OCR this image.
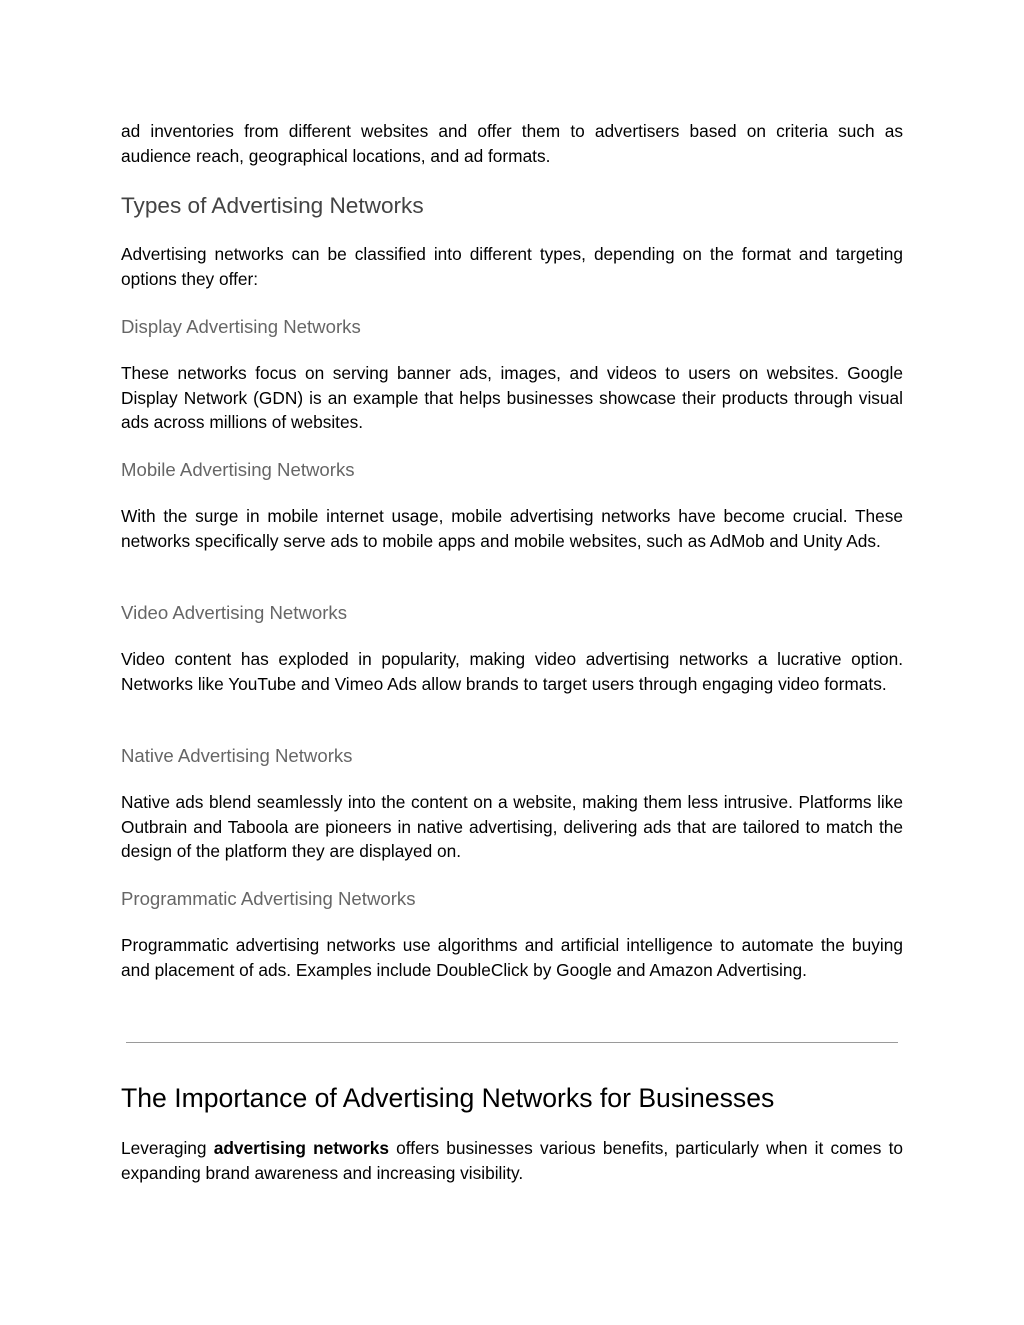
ad inventories from different websites and offer them to advertisers based on criteria such as audience reach, geographical locations, and ad formats.

Types of Advertising Networks

Advertising networks can be classified into different types, depending on the format and targeting options they offer:

Display Advertising Networks

These networks focus on serving banner ads, images, and videos to users on websites. Google Display Network (GDN) is an example that helps businesses showcase their products through visual ads across millions of websites.

Mobile Advertising Networks

With the surge in mobile internet usage, mobile advertising networks have become crucial. These networks specifically serve ads to mobile apps and mobile websites, such as AdMob and Unity Ads.

Video Advertising Networks

Video content has exploded in popularity, making video advertising networks a lucrative option. Networks like YouTube and Vimeo Ads allow brands to target users through engaging video formats.

Native Advertising Networks

Native ads blend seamlessly into the content on a website, making them less intrusive. Platforms like Outbrain and Taboola are pioneers in native advertising, delivering ads that are tailored to match the design of the platform they are displayed on.

Programmatic Advertising Networks

Programmatic advertising networks use algorithms and artificial intelligence to automate the buying and placement of ads. Examples include DoubleClick by Google and Amazon Advertising.

The Importance of Advertising Networks for Businesses

Leveraging advertising networks offers businesses various benefits, particularly when it comes to expanding brand awareness and increasing visibility.
